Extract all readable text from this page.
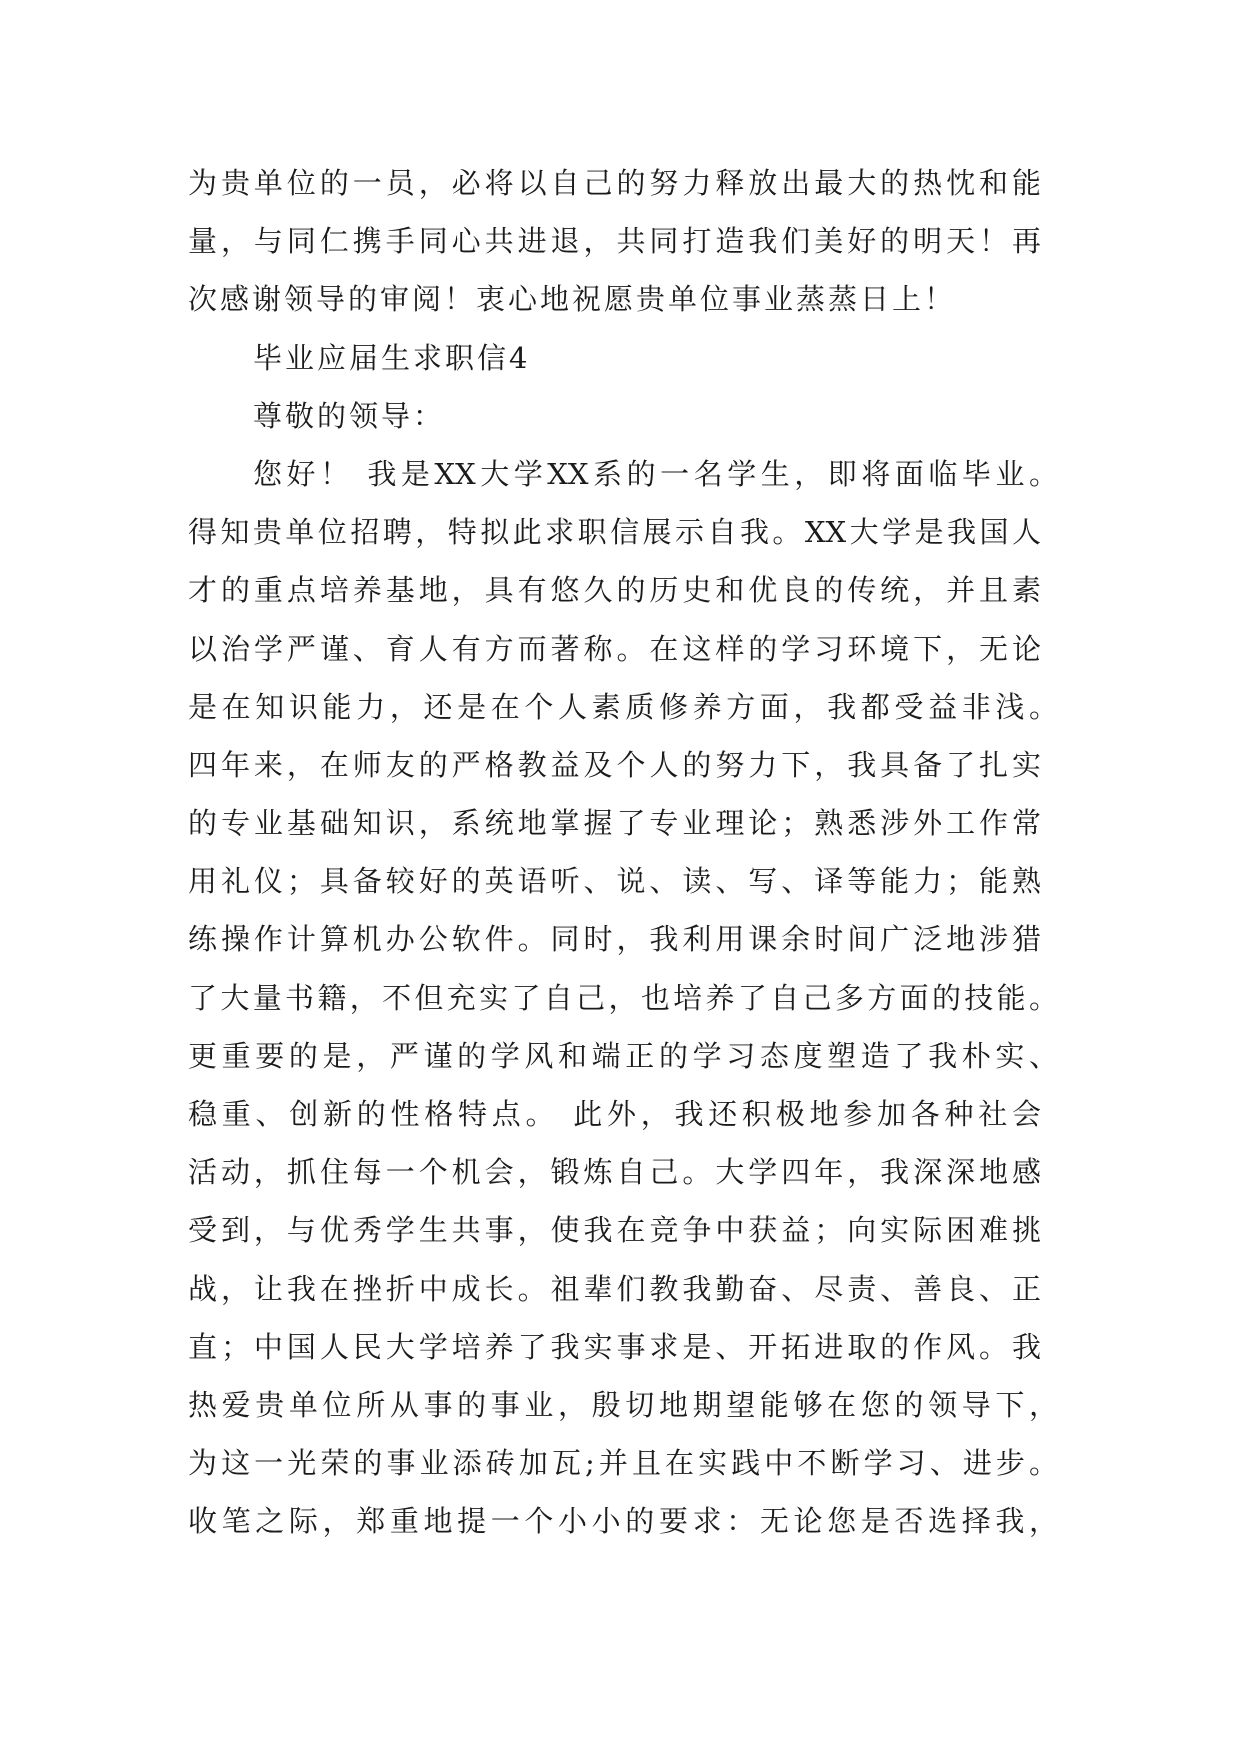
为贵单位的一员，必将以自己的努力释放出最大的热忱和能
量，与同仁携手同心共进退，共同打造我们美好的明天！再
次感谢领导的审阅！衷心地祝愿贵单位事业蒸蒸日上！
毕业应届生求职信4
尊敬的领导：
您好！ 我是XX大学XX系的一名学生，即将面临毕业。
得知贵单位招聘，特拟此求职信展示自我。XX大学是我国人
才的重点培养基地，具有悠久的历史和优良的传统，并且素
以治学严谨、育人有方而著称。在这样的学习环境下，无论
是在知识能力，还是在个人素质修养方面，我都受益非浅。
四年来，在师友的严格教益及个人的努力下，我具备了扎实
的专业基础知识，系统地掌握了专业理论；熟悉涉外工作常
用礼仪；具备较好的英语听、说、读、写、译等能力；能熟
练操作计算机办公软件。同时，我利用课余时间广泛地涉猎
了大量书籍，不但充实了自己，也培养了自己多方面的技能。
更重要的是，严谨的学风和端正的学习态度塑造了我朴实、
稳重、创新的性格特点。 此外，我还积极地参加各种社会
活动，抓住每一个机会，锻炼自己。大学四年，我深深地感
受到，与优秀学生共事，使我在竞争中获益；向实际困难挑
战，让我在挫折中成长。祖辈们教我勤奋、尽责、善良、正
直；中国人民大学培养了我实事求是、开拓进取的作风。我
热爱贵单位所从事的事业，殷切地期望能够在您的领导下，
为这一光荣的事业添砖加瓦;并且在实践中不断学习、进步。
收笔之际，郑重地提一个小小的要求：无论您是否选择我，
